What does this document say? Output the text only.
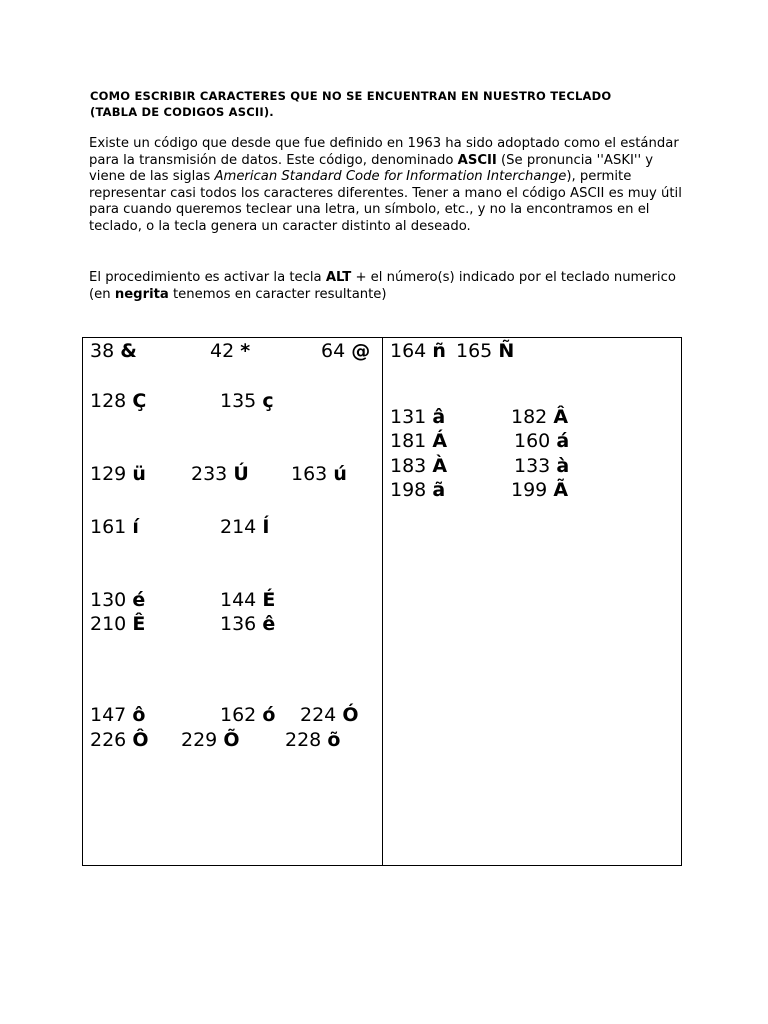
COMO ESCRIBIR CARACTERES QUE NO SE ENCUENTRAN EN NUESTRO TECLADO
(TABLA DE CODIGOS ASCII).

Existe un código que desde que fue definido en 1963 ha sido adoptado como el estándar para la transmisión de datos. Este código, denominado ASCII (Se pronuncia ''ASKI'' y viene de las siglas American Standard Code for Information Interchange), permite representar casi todos los caracteres diferentes. Tener a mano el código ASCII es muy útil para cuando queremos teclear una letra, un símbolo, etc., y no la encontramos en el teclado, o la tecla genera un caracter distinto al deseado.

El procedimiento es activar la tecla ALT + el número(s) indicado por el teclado numerico (en negrita tenemos en caracter resultante)

38 &	42 *	64 @
128 Ç	135 ç
129 ü 233 Ú 163 ú
161 í	214 Í
130 é	144 É
210 Ê	136 ê
147 ô	162 ó 224 Ó
226 Ô 229 Õ 228 õ
164 ñ 165 Ñ
131 â	182 Â
181 Á	160 á
183 À	133 à
198 ã	199 Ã
